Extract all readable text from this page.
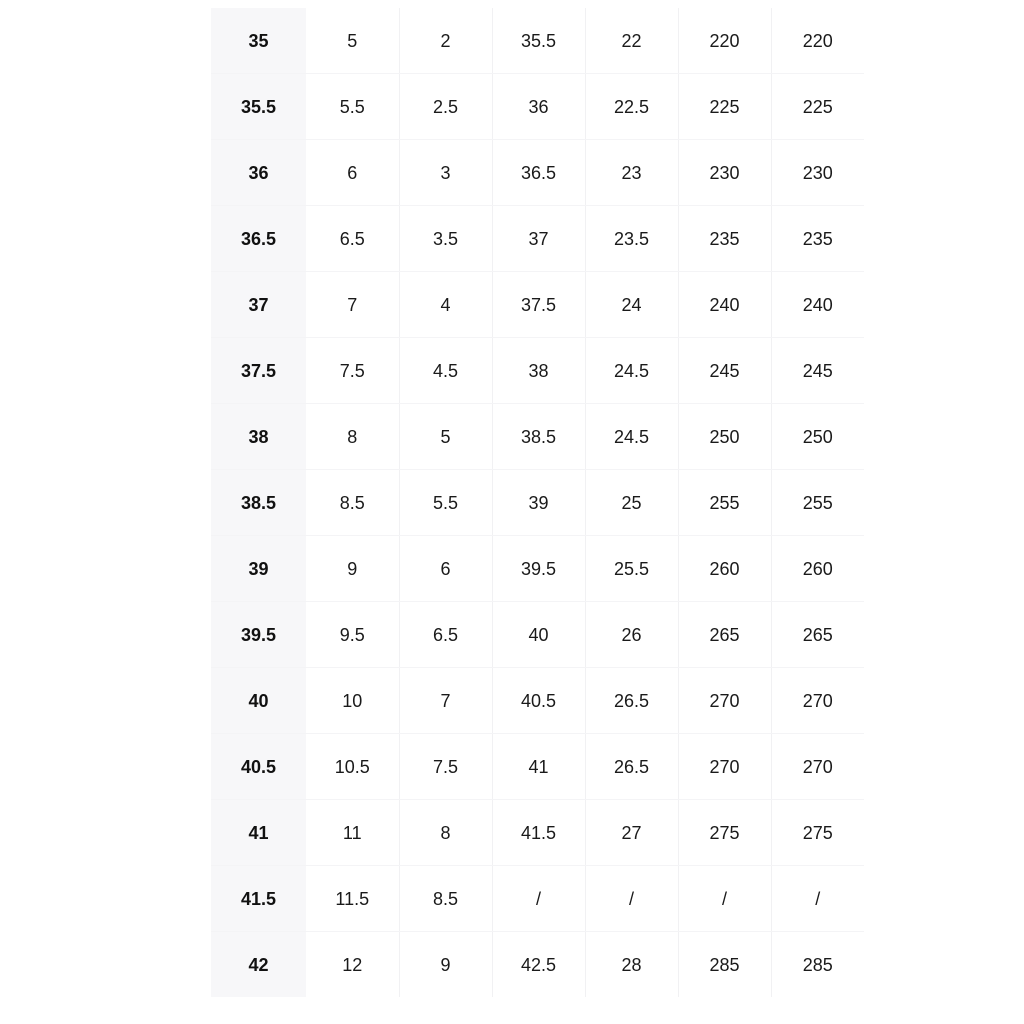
35	5	2	35.5	22	220	220
35.5	5.5	2.5	36	22.5	225	225
36	6	3	36.5	23	230	230
36.5	6.5	3.5	37	23.5	235	235
37	7	4	37.5	24	240	240
37.5	7.5	4.5	38	24.5	245	245
38	8	5	38.5	24.5	250	250
38.5	8.5	5.5	39	25	255	255
39	9	6	39.5	25.5	260	260
39.5	9.5	6.5	40	26	265	265
40	10	7	40.5	26.5	270	270
40.5	10.5	7.5	41	26.5	270	270
41	11	8	41.5	27	275	275
41.5	11.5	8.5	/	/	/	/
42	12	9	42.5	28	285	285
